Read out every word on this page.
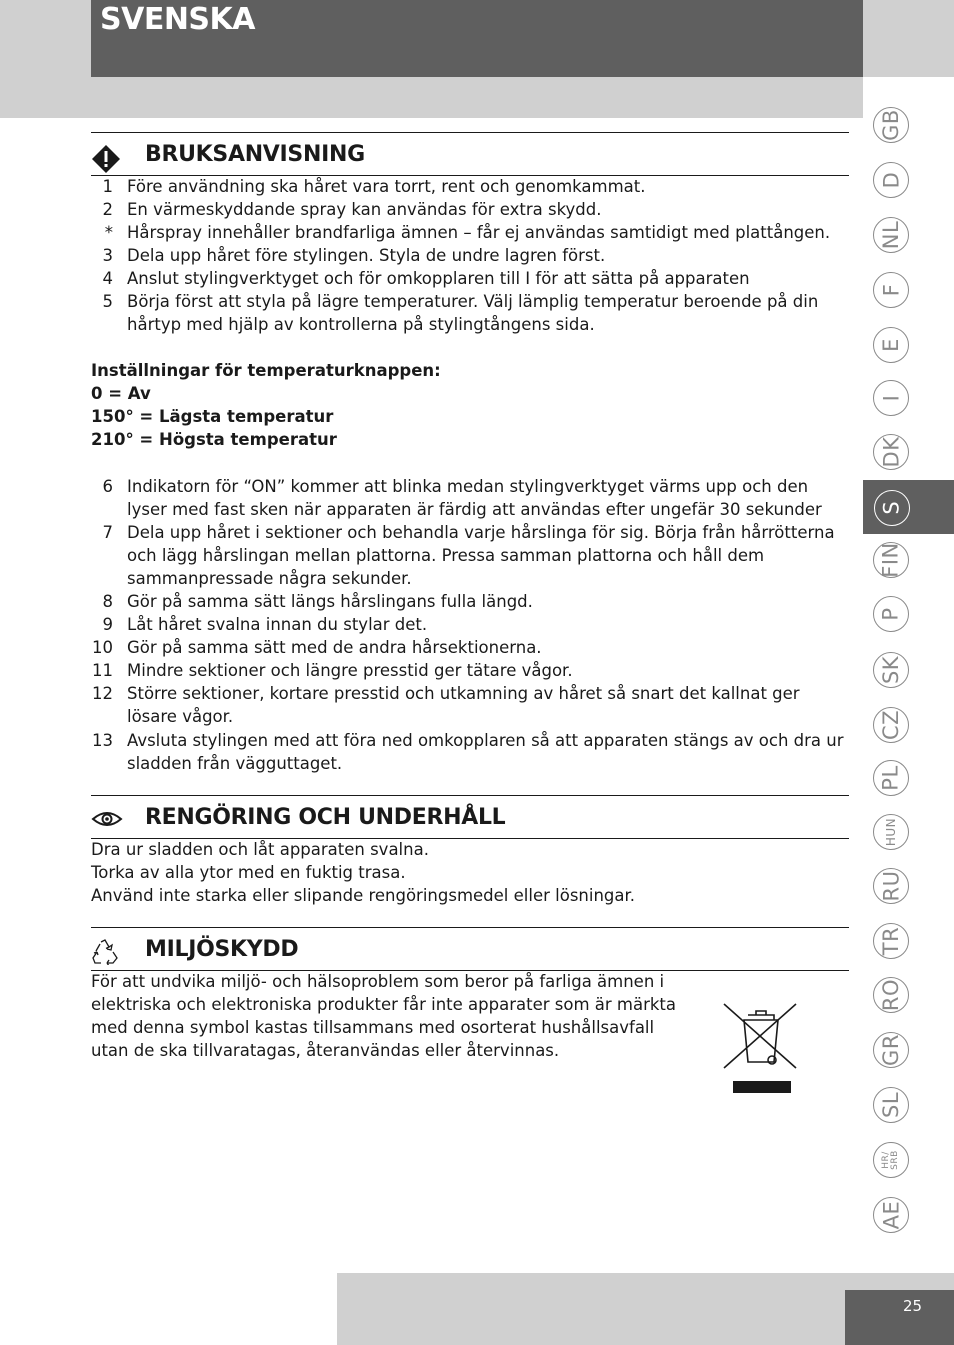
SVENSKA
GB
D
NL
F
E
I
DK
S
FIN
P
SK
CZ
PL
HUN
RU
TR
RO
GR
SL
HR/
SRB
AE
25
BRUKSANVISNING
1 Före användning ska håret vara torrt, rent och genomkammat.
2 En värmeskyddande spray kan användas för extra skydd.
* Hårspray innehåller brandfarliga ämnen – får ej användas samtidigt med plattången.
3 Dela upp håret före stylingen. Styla de undre lagren först.
4 Anslut stylingverktyget och för omkopplaren till I för att sätta på apparaten
5 Börja först att styla på lägre temperaturer. Välj lämplig temperatur beroende på din hårtyp med hjälp av kontrollerna på stylingtångens sida.
Inställningar för temperaturknappen:
0 = Av
150° = Lägsta temperatur
210° = Högsta temperatur
6 Indikatorn för “ON” kommer att blinka medan stylingverktyget värms upp och den lyser med fast sken när apparaten är färdig att användas efter ungefär 30 sekunder
7 Dela upp håret i sektioner och behandla varje hårslinga för sig. Börja från hårrötterna och lägg hårslingan mellan plattorna. Pressa samman plattorna och håll dem sammanpressade några sekunder.
8 Gör på samma sätt längs hårslingans fulla längd.
9 Låt håret svalna innan du stylar det.
10 Gör på samma sätt med de andra hårsektionerna.
11 Mindre sektioner och längre presstid ger tätare vågor.
12 Större sektioner, kortare presstid och utkamning av håret så snart det kallnat ger lösare vågor.
13 Avsluta stylingen med att föra ned omkopplaren så att apparaten stängs av och dra ur sladden från vägguttaget.
RENGÖRING OCH UNDERHÅLL
Dra ur sladden och låt apparaten svalna.
Torka av alla ytor med en fuktig trasa.
Använd inte starka eller slipande rengöringsmedel eller lösningar.
MILJÖSKYDD
För att undvika miljö- och hälsoproblem som beror på farliga ämnen i
elektriska och elektroniska produkter får inte apparater som är märkta
med denna symbol kastas tillsammans med osorterat hushållsavfall
utan de ska tillvaratagas, återanvändas eller återvinnas.
